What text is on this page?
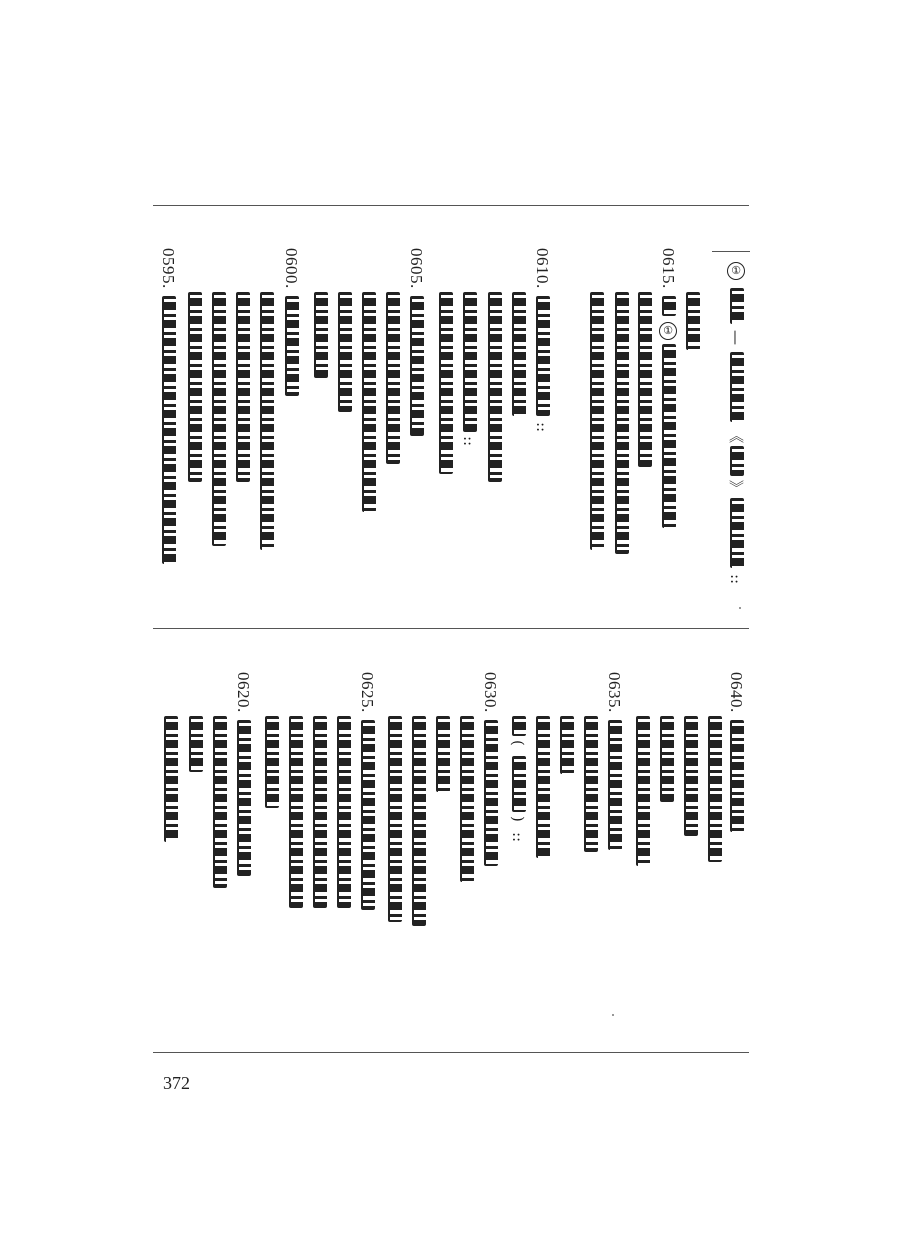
①
—
《
》
::
0615.
①
0610.
::
::
0605.
0600.
0595.
0640.
0635.
(
)
::
0630.
0625.
0620.
372
